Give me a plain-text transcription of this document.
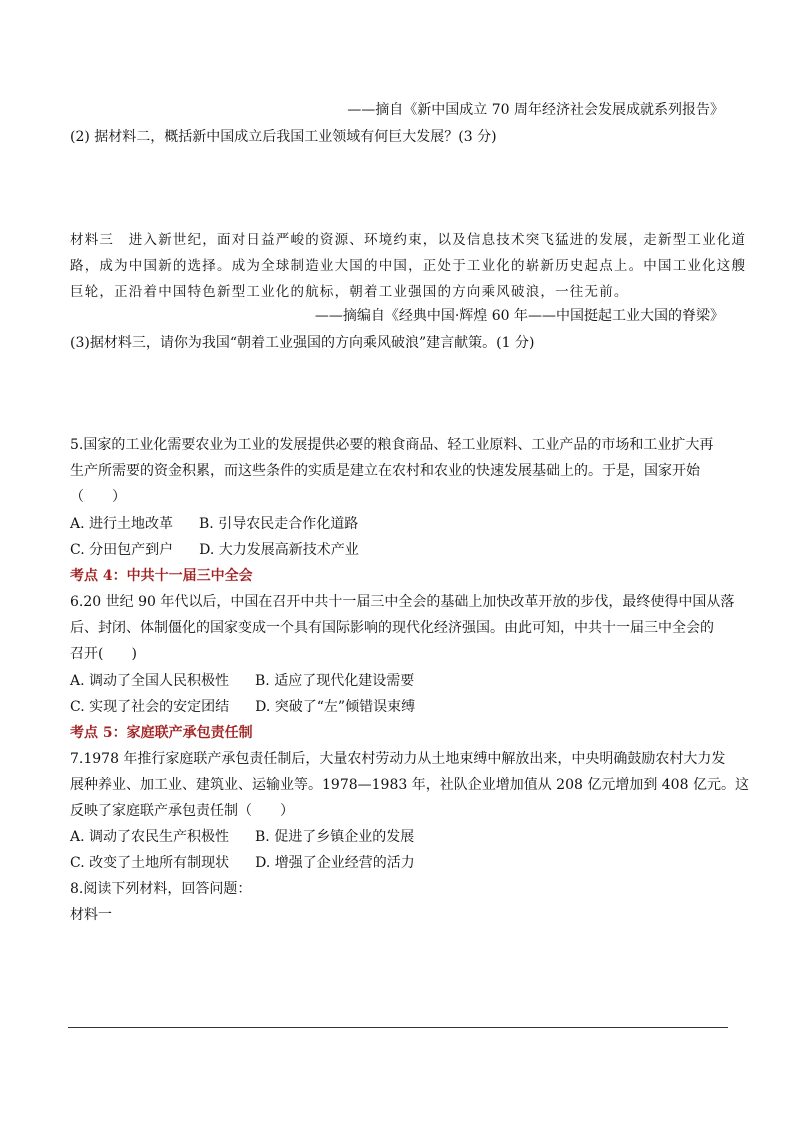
——摘自《新中国成立 70 周年经济社会发展成就系列报告》
(2) 据材料二，概括新中国成立后我国工业领域有何巨大发展？(3 分)
材料三　进入新世纪，面对日益严峻的资源、环境约束，以及信息技术突飞猛进的发展，走新型工业化道
路，成为中国新的选择。成为全球制造业大国的中国，正处于工业化的崭新历史起点上。中国工业化这艘
巨轮，正沿着中国特色新型工业化的航标，朝着工业强国的方向乘风破浪，一往无前。
——摘编自《经典中国·辉煌 60 年——中国挺起工业大国的脊梁》
(3)据材料三，请你为我国“朝着工业强国的方向乘风破浪”建言献策。(1 分)
5.国家的工业化需要农业为工业的发展提供必要的粮食商品、轻工业原料、工业产品的市场和工业扩大再
生产所需要的资金积累，而这些条件的实质是建立在农村和农业的快速发展基础上的。于是，国家开始
（　　）
A. 进行土地改革 B. 引导农民走合作化道路
C. 分田包产到户 D. 大力发展高新技术产业
考点 4：中共十一届三中全会
6.20 世纪 90 年代以后，中国在召开中共十一届三中全会的基础上加快改革开放的步伐，最终使得中国从落
后、封闭、体制僵化的国家变成一个具有国际影响的现代化经济强国。由此可知，中共十一届三中全会的
召开(　　)
A. 调动了全国人民积极性 B. 适应了现代化建设需要
C. 实现了社会的安定团结 D. 突破了“左”倾错误束缚
考点 5：家庭联产承包责任制
7.1978 年推行家庭联产承包责任制后，大量农村劳动力从土地束缚中解放出来，中央明确鼓励农村大力发
展种养业、加工业、建筑业、运输业等。1978—1983 年，社队企业增加值从 208 亿元增加到 408 亿元。这
反映了家庭联产承包责任制（　　）
A. 调动了农民生产积极性 B. 促进了乡镇企业的发展
C. 改变了土地所有制现状 D. 增强了企业经营的活力
8.阅读下列材料，回答问题：
材料一
